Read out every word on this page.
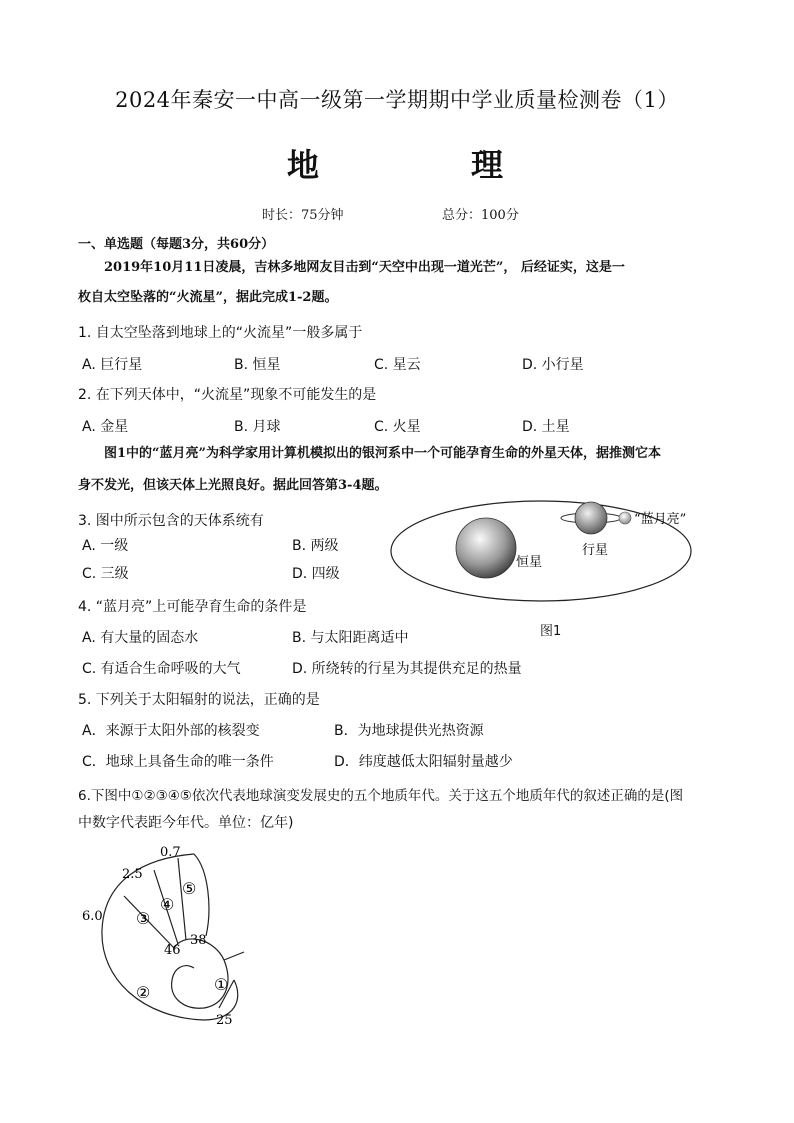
2024年秦安一中高一级第一学期期中学业质量检测卷（1）
地　理
时长：75分钟	总分：100分
一、单选题（每题3分，共60分）
2019年10月11日凌晨，吉林多地网友目击到“天空中出现一道光芒”， 后经证实，这是一
枚自太空坠落的“火流星”，据此完成1-2题。
1. 自太空坠落到地球上的“火流星”一般多属于
A. 巨行星	B. 恒星	C. 星云	D. 小行星
2. 在下列天体中，“火流星”现象不可能发生的是
A. 金星	B. 月球	C. 火星	D. 土星
图1中的“蓝月亮”为科学家用计算机模拟出的银河系中一个可能孕育生命的外星天体，据推测它本
身不发光，但该天体上光照良好。据此回答第3-4题。
3. 图中所示包含的天体系统有
A. 一级	B. 两级
C. 三级	D. 四级
恒星
行星
“蓝月亮”
图1
4. “蓝月亮”上可能孕育生命的条件是
A. 有大量的固态水	B. 与太阳距离适中
C. 有适合生命呼吸的大气	D. 所绕转的行星为其提供充足的热量
5. 下列关于太阳辐射的说法，正确的是
A．来源于太阳外部的核裂变	B．为地球提供光热资源
C．地球上具备生命的唯一条件	D．纬度越低太阳辐射量越少
6.下图中①②③④⑤依次代表地球演变发展史的五个地质年代。关于这五个地质年代的叙述正确的是(图
中数字代表距今年代。单位：亿年)
①
②
③
④
⑤
0.7
2.5
6.0
46
38
25
